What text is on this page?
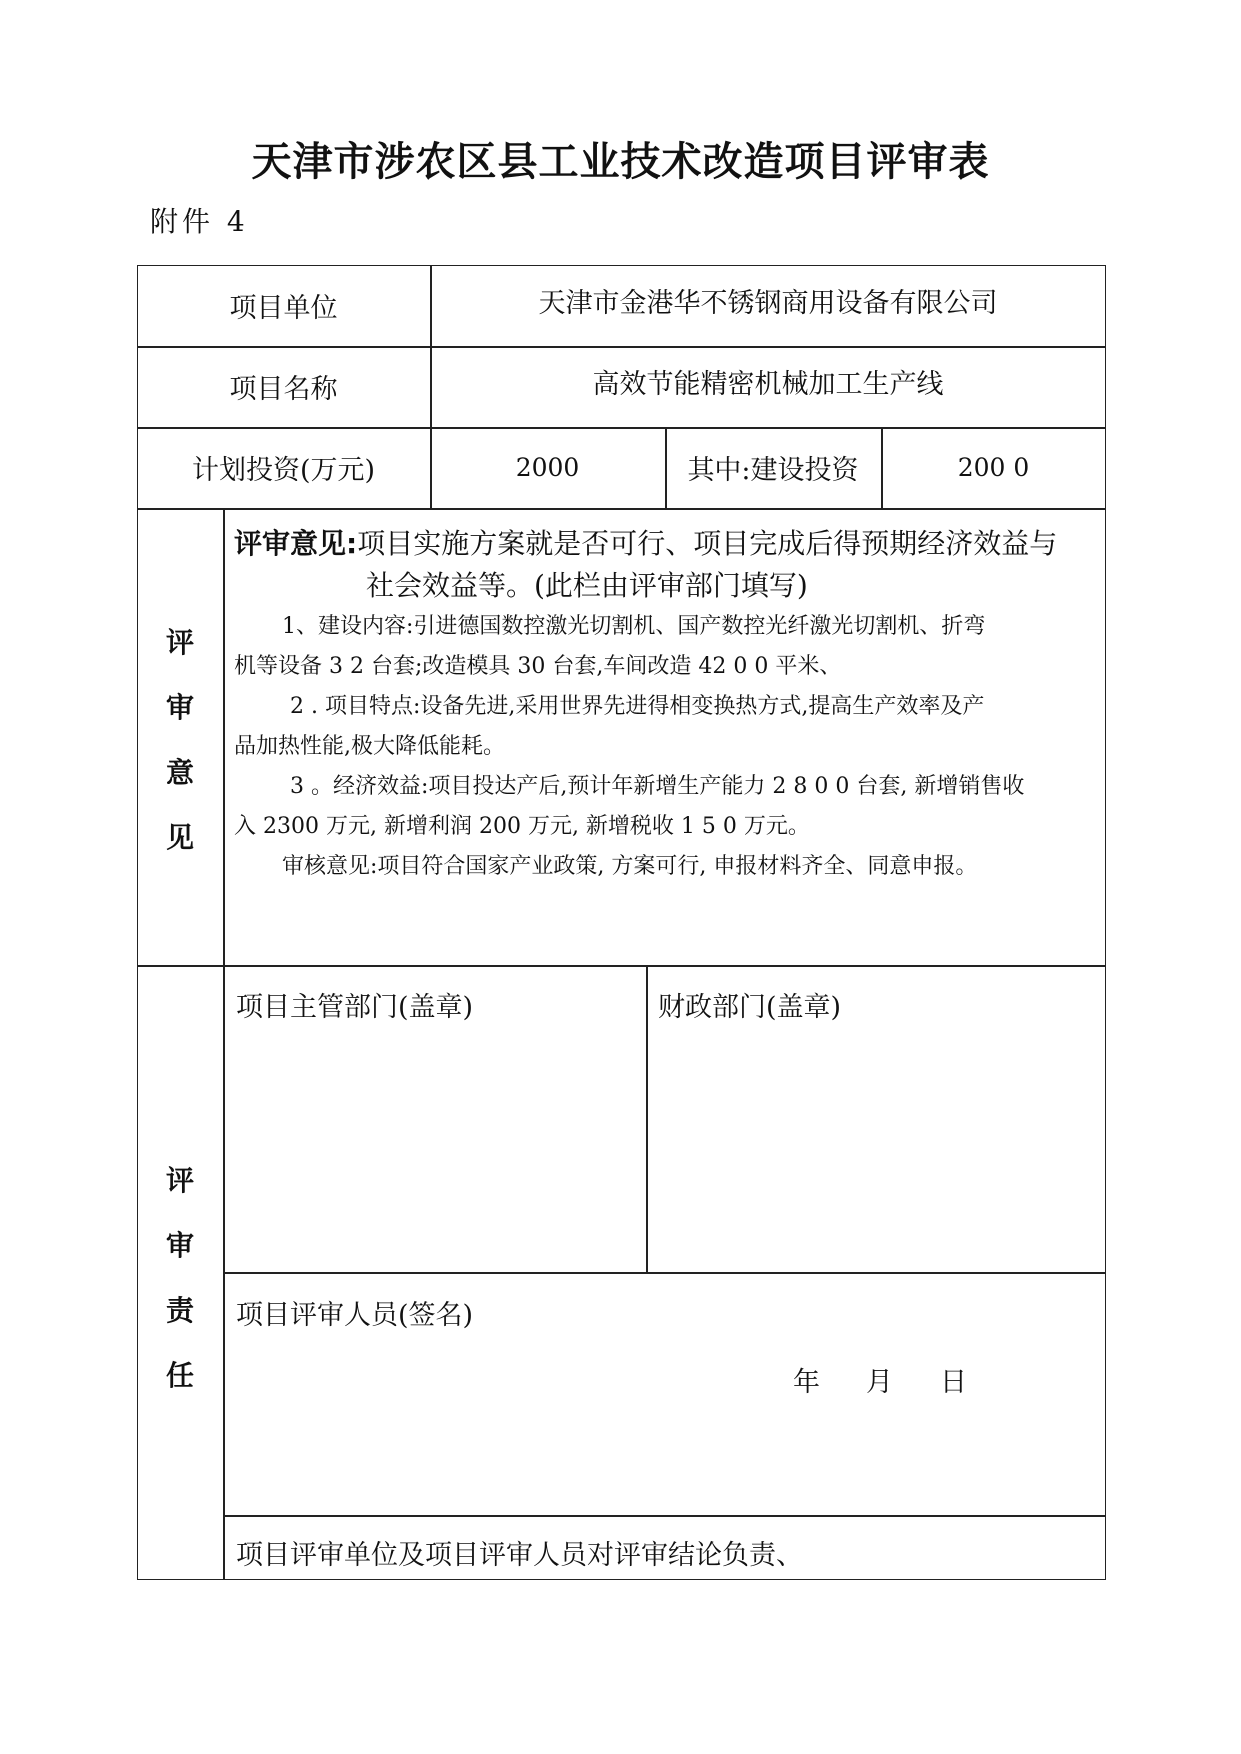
天津市涉农区县工业技术改造项目评审表
附件 4
项目单位	天津市金港华不锈钢商用设备有限公司
项目名称	高效节能精密机械加工生产线
计划投资(万元)	2000	其中:建设投资	200 0
评
审
意
见
评审意见:项目实施方案就是否可行、项目完成后得预期经济效益与
社会效益等。(此栏由评审部门填写)

1、建设内容:引进德国数控激光切割机、国产数控光纤激光切割机、折弯

机等设备 3 2 台套;改造模具 30 台套,车间改造 42 0 0 平米、

2 . 项目特点:设备先进,采用世界先进得相变换热方式,提高生产效率及产

品加热性能,极大降低能耗。

3 。经济效益:项目投达产后,预计年新增生产能力 2 8 0 0 台套, 新增销售收

入 2300 万元, 新增利润 200 万元, 新增税收 1 5 0 万元。

审核意见:项目符合国家产业政策, 方案可行, 申报材料齐全、同意申报。

评
审
责
任
项目主管部门(盖章)	财政部门(盖章)
项目评审人员(签名)
年 月 日
项目评审单位及项目评审人员对评审结论负责、
